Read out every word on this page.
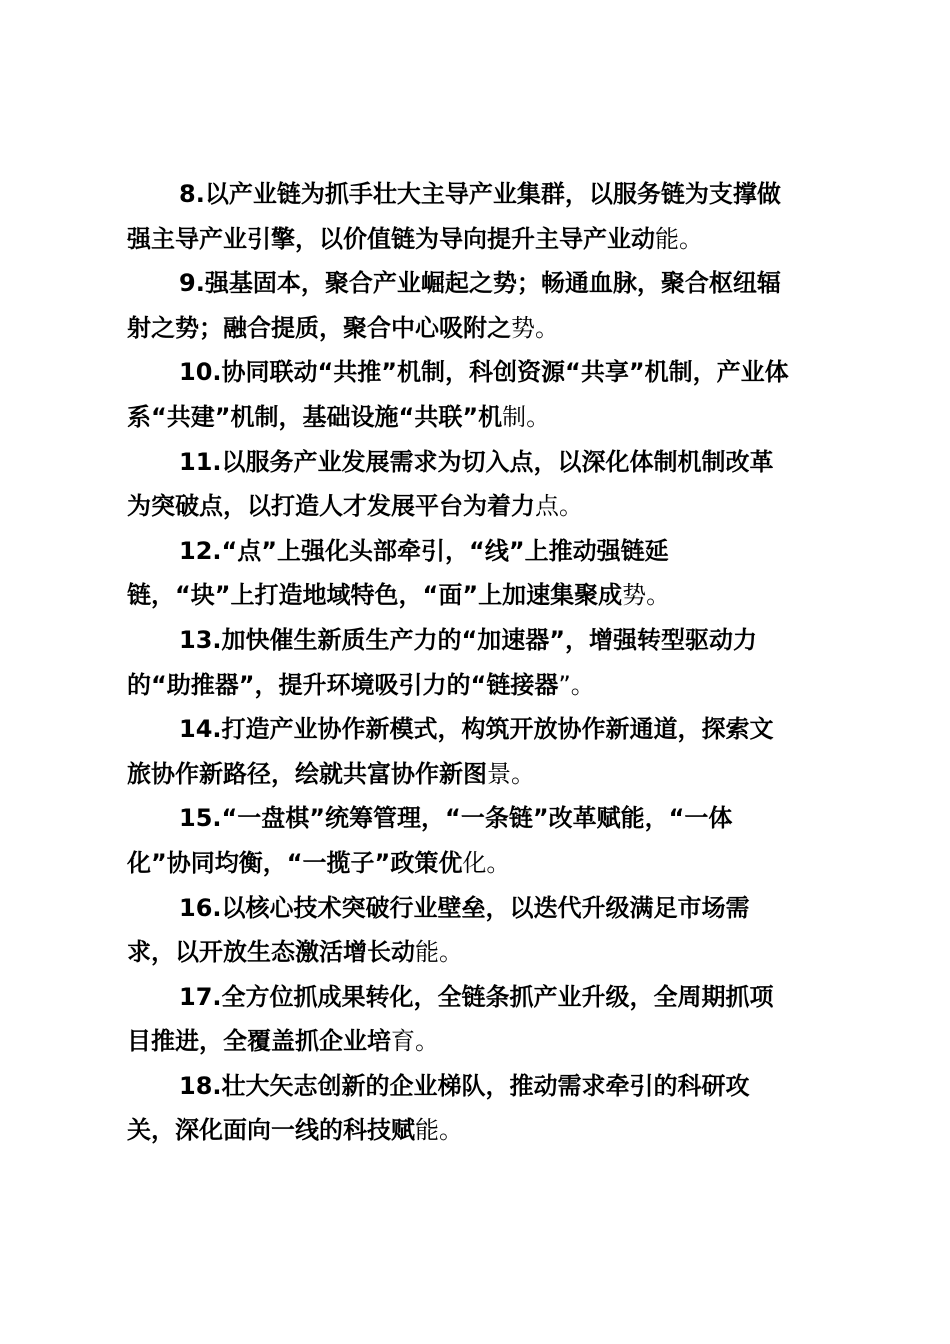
8.以产业链为抓手壮大主导产业集群，以服务链为支撑做
强主导产业引擎，以价值链为导向提升主导产业动能。
9.强基固本，聚合产业崛起之势；畅通血脉，聚合枢纽辐
射之势；融合提质，聚合中心吸附之势。
10.协同联动“共推”机制，科创资源“共享”机制，产业体
系“共建”机制，基础设施“共联”机制。
11.以服务产业发展需求为切入点，以深化体制机制改革
为突破点，以打造人才发展平台为着力点。
12.“点”上强化头部牵引，“线”上推动强链延
链，“块”上打造地域特色，“面”上加速集聚成势。
13.加快催生新质生产力的“加速器”，增强转型驱动力
的“助推器”，提升环境吸引力的“链接器”。
14.打造产业协作新模式，构筑开放协作新通道，探索文
旅协作新路径，绘就共富协作新图景。
15.“一盘棋”统筹管理，“一条链”改革赋能，“一体
化”协同均衡，“一揽子”政策优化。
16.以核心技术突破行业壁垒，以迭代升级满足市场需
求，以开放生态激活增长动能。
17.全方位抓成果转化，全链条抓产业升级，全周期抓项
目推进，全覆盖抓企业培育。
18.壮大矢志创新的企业梯队，推动需求牵引的科研攻
关，深化面向一线的科技赋能。
